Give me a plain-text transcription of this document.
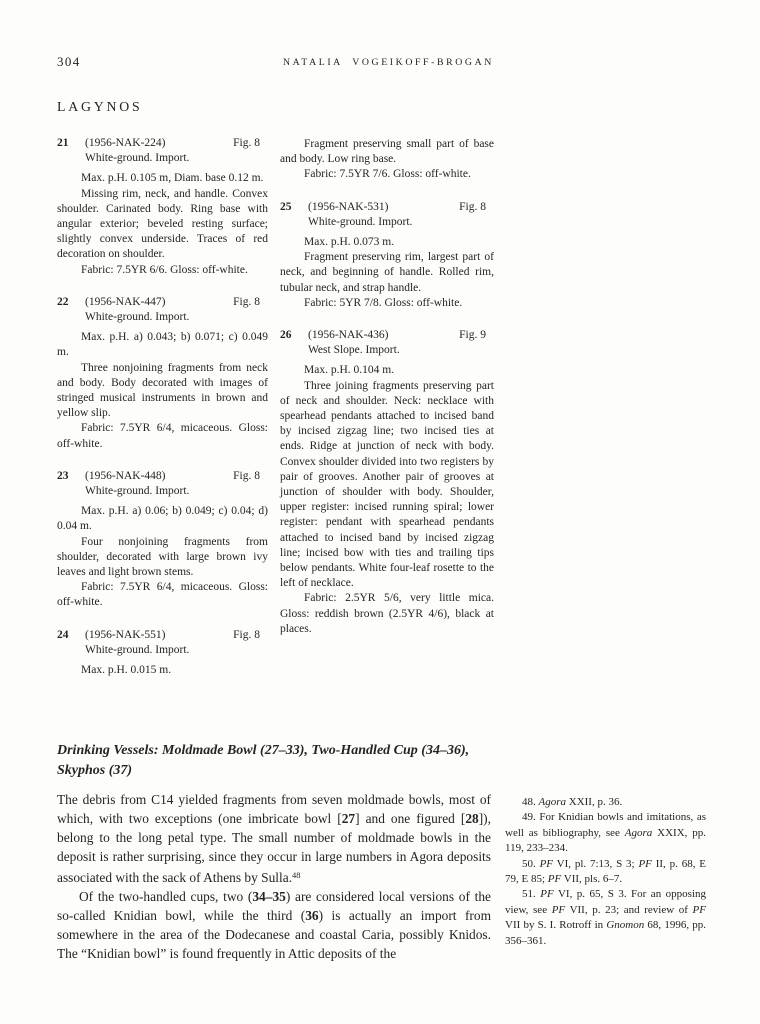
304	NATALIA VOGEIKOFF-BROGAN
LAGYNOS
21	(1956-NAK-224)	Fig. 8
White-ground. Import.
Max. p.H. 0.105 m, Diam. base 0.12 m.
Missing rim, neck, and handle. Convex shoulder. Carinated body. Ring base with angular exterior; beveled resting surface; slightly convex underside. Traces of red decoration on shoulder.
Fabric: 7.5YR 6/6. Gloss: off-white.
22	(1956-NAK-447)	Fig. 8
White-ground. Import.
Max. p.H. a) 0.043; b) 0.071; c) 0.049 m.
Three nonjoining fragments from neck and body. Body decorated with images of stringed musical instruments in brown and yellow slip.
Fabric: 7.5YR 6/4, micaceous. Gloss: off-white.
23	(1956-NAK-448)	Fig. 8
White-ground. Import.
Max. p.H. a) 0.06; b) 0.049; c) 0.04; d) 0.04 m.
Four nonjoining fragments from shoulder, decorated with large brown ivy leaves and light brown stems.
Fabric: 7.5YR 6/4, micaceous. Gloss: off-white.
24	(1956-NAK-551)	Fig. 8
White-ground. Import.
Max. p.H. 0.015 m.
Fragment preserving small part of base and body. Low ring base.
Fabric: 7.5YR 7/6. Gloss: off-white.
25	(1956-NAK-531)	Fig. 8
White-ground. Import.
Max. p.H. 0.073 m.
Fragment preserving rim, largest part of neck, and beginning of handle. Rolled rim, tubular neck, and strap handle.
Fabric: 5YR 7/8. Gloss: off-white.
26	(1956-NAK-436)	Fig. 9
West Slope. Import.
Max. p.H. 0.104 m.
Three joining fragments preserving part of neck and shoulder. Neck: necklace with spearhead pendants attached to incised band by incised zigzag line; two incised ties at ends. Ridge at junction of neck with body. Convex shoulder divided into two registers by pair of grooves. Another pair of grooves at junction of shoulder with body. Shoulder, upper register: incised running spiral; lower register: pendant with spearhead pendants attached to incised band by incised zigzag line; incised bow with ties and trailing tips below pendants. White four-leaf rosette to the left of necklace.
Fabric: 2.5YR 5/6, very little mica. Gloss: reddish brown (2.5YR 4/6), black at places.
Drinking Vessels: Moldmade Bowl (27–33), Two-Handled Cup (34–36), Skyphos (37)

The debris from C14 yielded fragments from seven moldmade bowls, most of which, with two exceptions (one imbricate bowl [27] and one figured [28]), belong to the long petal type. The small number of moldmade bowls in the deposit is rather surprising, since they occur in large numbers in Agora deposits associated with the sack of Athens by Sulla.$^{48}$

Of the two-handled cups, two (34–35) are considered local versions of the so-called Knidian bowl, while the third (36) is actually an import from somewhere in the area of the Dodecanese and coastal Caria, possibly Knidos. The “Knidian bowl” is found frequently in Attic deposits of the

48. Agora XXII, p. 36.

49. For Knidian bowls and imitations, as well as bibliography, see Agora XXIX, pp. 119, 233–234.

50. PF VI, pl. 7:13, S 3; PF II, p. 68, E 79, E 85; PF VII, pls. 6–7.

51. PF VI, p. 65, S 3. For an opposing view, see PF VII, p. 23; and review of PF VII by S. I. Rotroff in Gnomon 68, 1996, pp. 356–361.
